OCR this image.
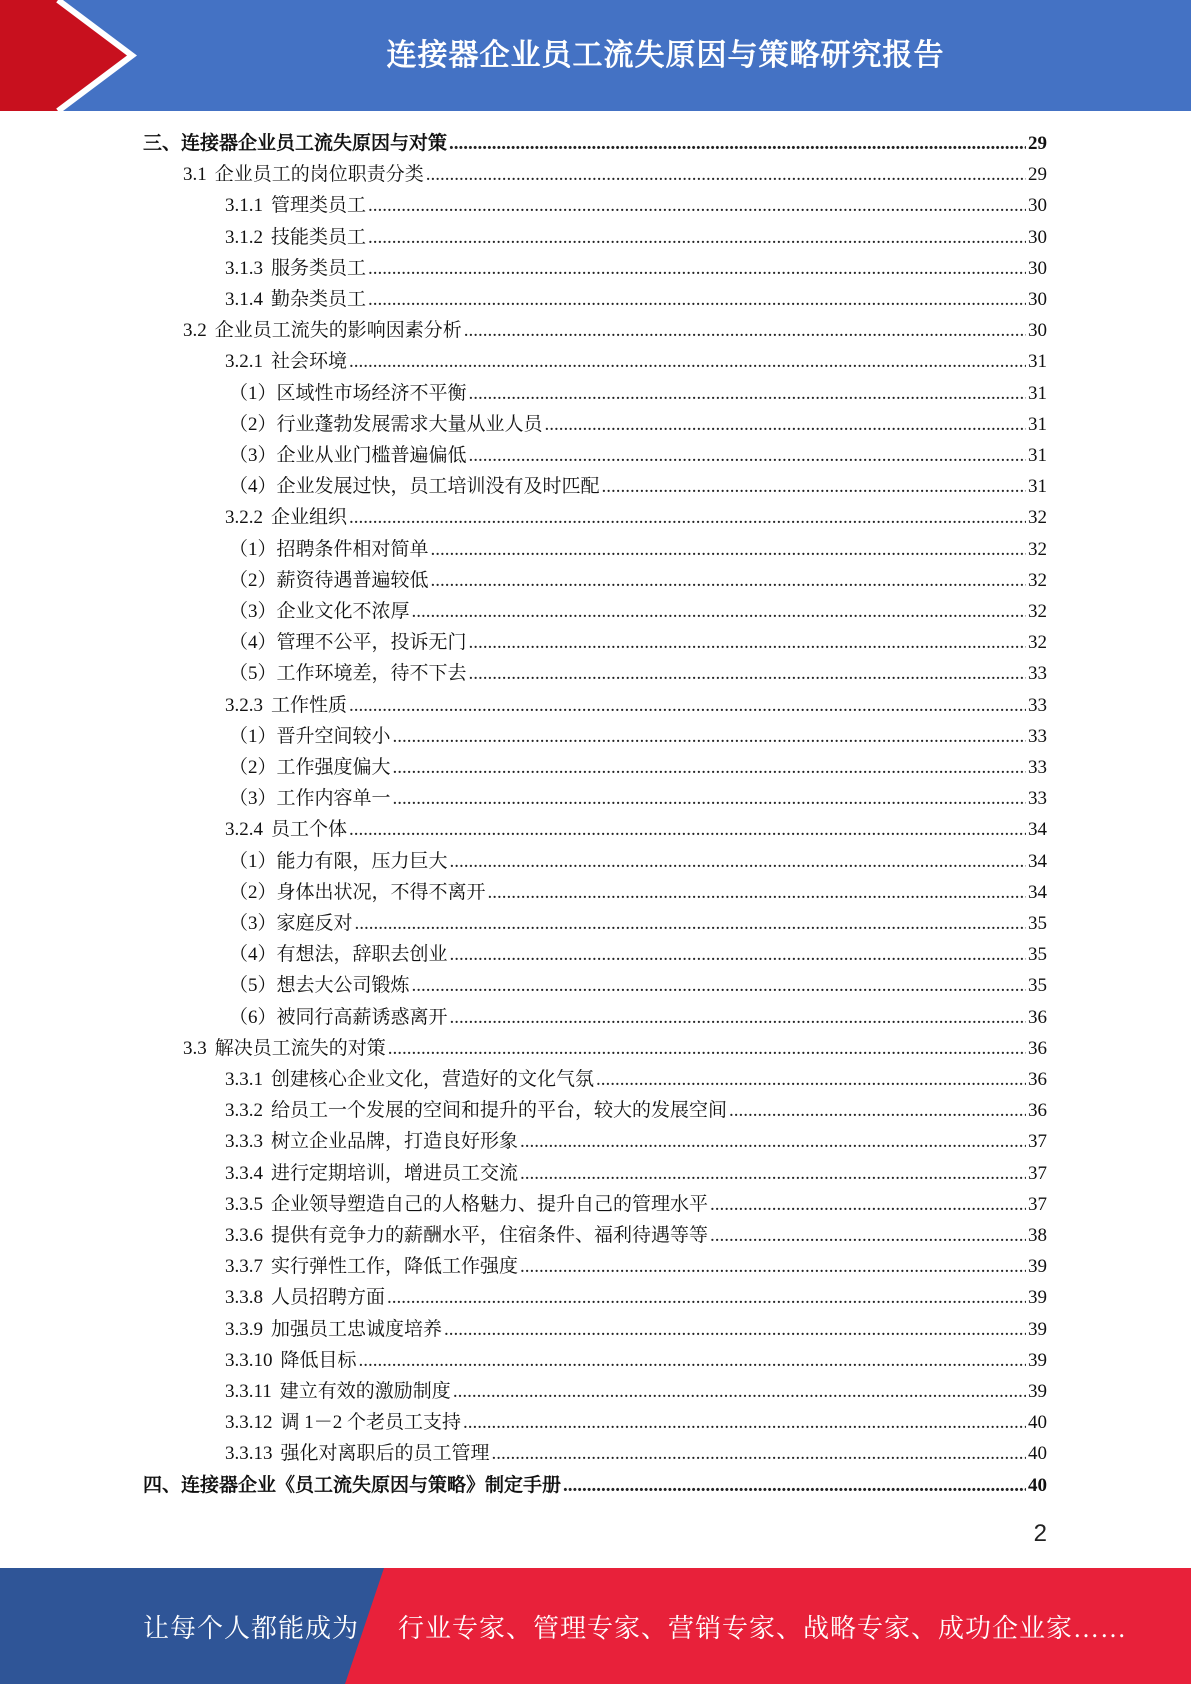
连接器企业员工流失原因与策略研究报告
三、连接器企业员工流失原因与对策 .....	29
3.1 企业员工的岗位职责分类 .....	29
3.1.1 管理类员工 .....	30
3.1.2 技能类员工 .....	30
3.1.3 服务类员工 .....	30
3.1.4 勤杂类员工 .....	30
3.2 企业员工流失的影响因素分析 .....	30
3.2.1 社会环境 .....	31
（1） 区域性市场经济不平衡 .....	31
（2） 行业蓬勃发展需求大量从业人员 .....	31
（3） 企业从业门槛普遍偏低 .....	31
（4） 企业发展过快，员工培训没有及时匹配 .....	31
3.2.2 企业组织 .....	32
（1） 招聘条件相对简单 .....	32
（2） 薪资待遇普遍较低 .....	32
（3） 企业文化不浓厚 .....	32
（4） 管理不公平，投诉无门 .....	32
（5） 工作环境差，待不下去 .....	33
3.2.3 工作性质 .....	33
（1） 晋升空间较小 .....	33
（2） 工作强度偏大 .....	33
（3） 工作内容单一 .....	33
3.2.4 员工个体 .....	34
（1） 能力有限，压力巨大 .....	34
（2） 身体出状况，不得不离开 .....	34
（3） 家庭反对 .....	35
（4） 有想法，辞职去创业 .....	35
（5） 想去大公司锻炼 .....	35
（6） 被同行高薪诱惑离开 .....	36
3.3 解决员工流失的对策 .....	36
3.3.1 创建核心企业文化，营造好的文化气氛 .....	36
3.3.2 给员工一个发展的空间和提升的平台，较大的发展空间 .....	36
3.3.3 树立企业品牌，打造良好形象 .....	37
3.3.4 进行定期培训，增进员工交流 .....	37
3.3.5 企业领导塑造自己的人格魅力、提升自己的管理水平 .....	37
3.3.6 提供有竞争力的薪酬水平，住宿条件、福利待遇等等 .....	38
3.3.7 实行弹性工作，降低工作强度 .....	39
3.3.8 人员招聘方面 .....	39
3.3.9 加强员工忠诚度培养 .....	39
3.3.10 降低目标 .....	39
3.3.11 建立有效的激励制度 .....	39
3.3.12 调 1－2 个老员工支持 .....	40
3.3.13 强化对离职后的员工管理 .....	40
四、连接器企业《员工流失原因与策略》制定手册 .....	40
2
让每个人都能成为 行业专家、管理专家、营销专家、战略专家、成功企业家……
